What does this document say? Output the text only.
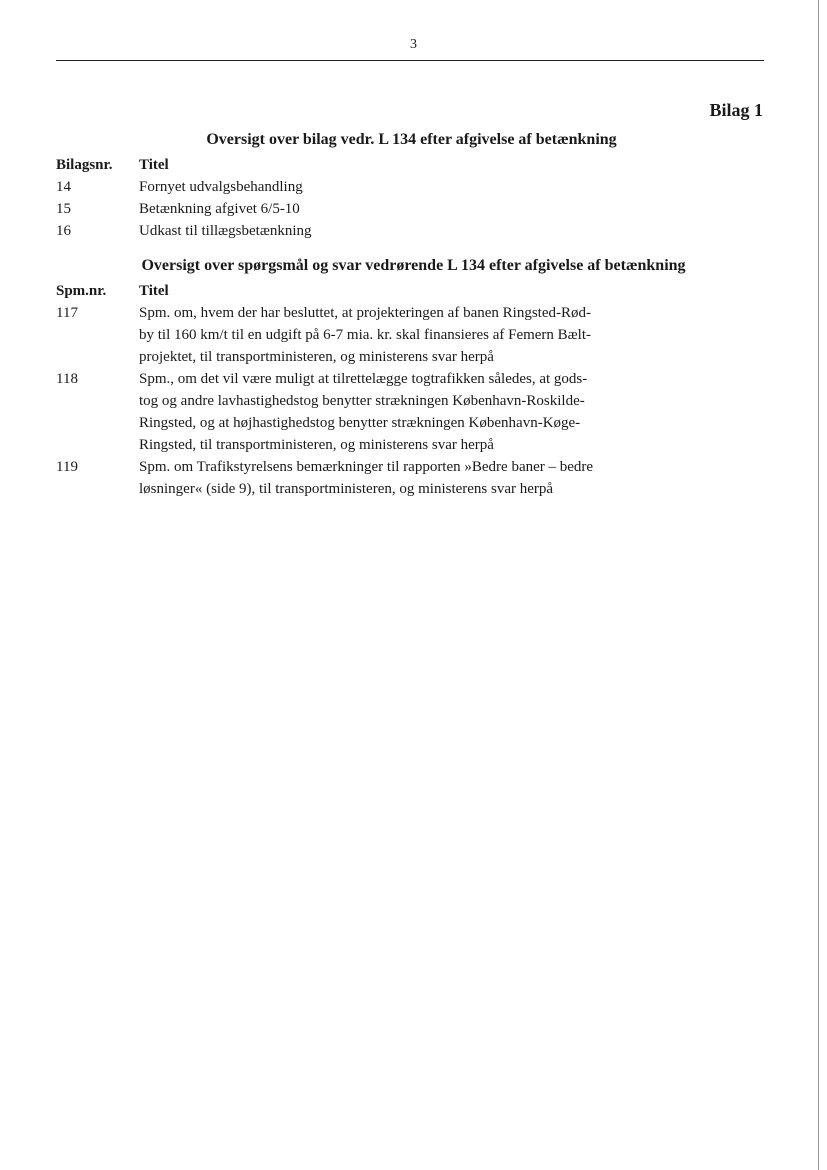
3
Bilag 1
Oversigt over bilag vedr. L 134 efter afgivelse af betænkning
Bilagsnr.	Titel
14	Fornyet udvalgsbehandling
15	Betænkning afgivet 6/5-10
16	Udkast til tillægsbetænkning
Oversigt over spørgsmål og svar vedrørende L 134 efter afgivelse af betænkning
Spm.nr.	Titel
117	Spm. om, hvem der har besluttet, at projekteringen af banen Ringsted-Rød-
by til 160 km/t til en udgift på 6-7 mia. kr. skal finansieres af Femern Bælt-
projektet, til transportministeren, og ministerens svar herpå
118	Spm., om det vil være muligt at tilrettelægge togtrafikken således, at gods-
tog og andre lavhastighedstog benytter strækningen København-Roskilde-
Ringsted, og at højhastighedstog benytter strækningen København-Køge-
Ringsted, til transportministeren, og ministerens svar herpå
119	Spm. om Trafikstyrelsens bemærkninger til rapporten »Bedre baner – bedre
løsninger« (side 9), til transportministeren, og ministerens svar herpå
